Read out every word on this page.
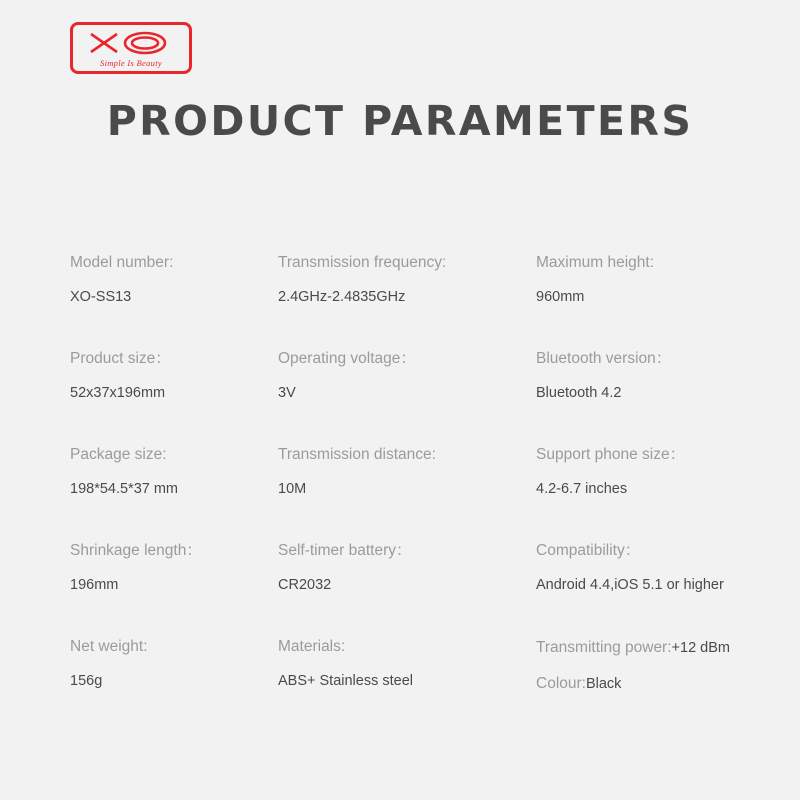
Simple Is Beauty
PRODUCT PARAMETERS
Model number:
XO-SS13
Transmission frequency:
2.4GHz-2.4835GHz
Maximum height:
960mm
Product size：
52x37x196mm
Operating voltage：
3V
Bluetooth version：
Bluetooth 4.2
Package size:
198*54.5*37 mm
Transmission distance:
10M
Support phone size：
4.2-6.7 inches
Shrinkage length：
196mm
Self-timer battery：
CR2032
Compatibility：
Android 4.4,iOS 5.1 or higher
Net weight:
156g
Materials:
ABS+ Stainless steel
Transmitting power:+12 dBm
Colour:Black
